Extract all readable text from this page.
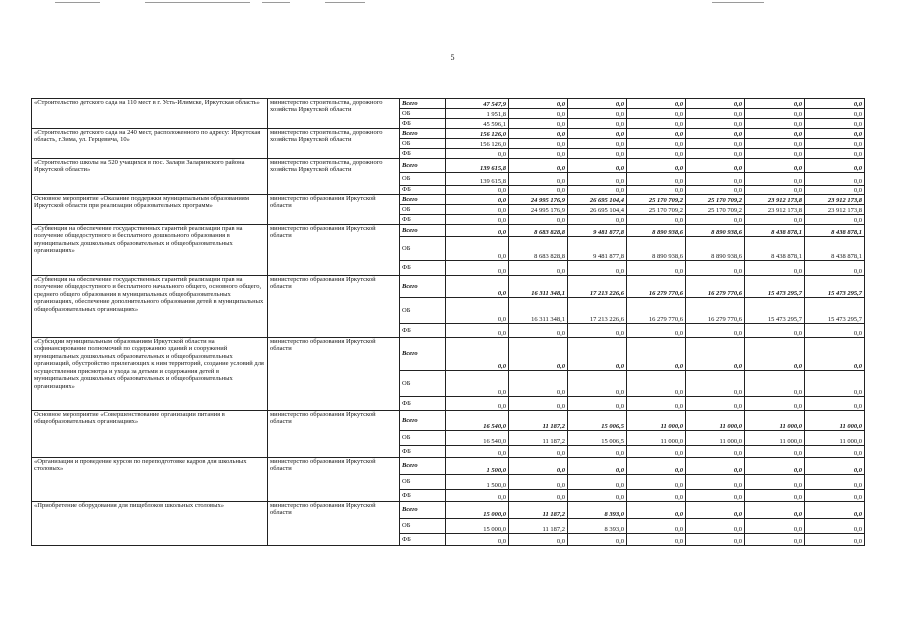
5
«Строительство детского сада на 110 мест в г. Усть-Илимске, Иркутская область»	министерство строительства, дорожного хозяйства Иркутской области	Всего	47 547,9	0,0	0,0	0,0	0,0	0,0	0,0
		ОБ	1 951,8	0,0	0,0	0,0	0,0	0,0	0,0
		ФБ	45 596,1	0,0	0,0	0,0	0,0	0,0	0,0
«Строительство детского сада на 240 мест, расположенного по адресу: Иркутская область, г.Зима, ул. Герцевича, 10»	министерство строительства, дорожного хозяйства Иркутской области	Всего	156 126,0	0,0	0,0	0,0	0,0	0,0	0,0
		ОБ	156 126,0	0,0	0,0	0,0	0,0	0,0	0,0
		ФБ	0,0	0,0	0,0	0,0	0,0	0,0	0,0
«Строительство школы на 520 учащихся в пос. Залари Заларинского района Иркутской области»	министерство строительства, дорожного хозяйства Иркутской области	Всего	139 615,8	0,0	0,0	0,0	0,0	0,0	0,0
		ОБ	139 615,8	0,0	0,0	0,0	0,0	0,0	0,0
		ФБ	0,0	0,0	0,0	0,0	0,0	0,0	0,0
Основное мероприятие «Оказание поддержки муниципальным образованиям Иркутской области при реализации образовательных программ»	министерство образования Иркутской области	Всего	0,0	24 995 176,9	26 695 104,4	25 170 709,2	25 170 709,2	23 912 173,8	23 912 173,8
		ОБ	0,0	24 995 176,9	26 695 104,4	25 170 709,2	25 170 709,2	23 912 173,8	23 912 173,8
		ФБ	0,0	0,0	0,0	0,0	0,0	0,0	0,0
«Субвенция на обеспечение государственных гарантий реализации прав на получение общедоступного и бесплатного дошкольного образования в муниципальных дошкольных образовательных и общеобразовательных организациях»	министерство образования Иркутской области	Всего	0,0	8 683 828,8	9 481 877,8	8 890 938,6	8 890 938,6	8 438 878,1	8 438 878,1
		ОБ	0,0	8 683 828,8	9 481 877,8	8 890 938,6	8 890 938,6	8 438 878,1	8 438 878,1
		ФБ	0,0	0,0	0,0	0,0	0,0	0,0	0,0
«Субвенция на обеспечение государственных гарантий реализации прав на получение общедоступного и бесплатного начального общего, основного общего, среднего общего образования в муниципальных общеобразовательных организациях, обеспечение дополнительного образования детей в муниципальных общеобразовательных организациях»	министерство образования Иркутской области	Всего	0,0	16 311 348,1	17 213 226,6	16 279 770,6	16 279 770,6	15 473 295,7	15 473 295,7
		ОБ	0,0	16 311 348,1	17 213 226,6	16 279 770,6	16 279 770,6	15 473 295,7	15 473 295,7
		ФБ	0,0	0,0	0,0	0,0	0,0	0,0	0,0
«Субсидии муниципальным образованиям Иркутской области на софинансирование полномочий по содержанию зданий и сооружений муниципальных дошкольных образовательных и общеобразовательных организаций, обустройство прилегающих к ним территорий, создание условий для осуществления присмотра и ухода за детьми и содержания детей в муниципальных дошкольных образовательных и общеобразовательных организациях»	министерство образования Иркутской области	Всего	0,0	0,0	0,0	0,0	0,0	0,0	0,0
		ОБ	0,0	0,0	0,0	0,0	0,0	0,0	0,0
		ФБ	0,0	0,0	0,0	0,0	0,0	0,0	0,0
Основное мероприятие «Совершенствование организации питания в общеобразовательных организациях»	министерство образования Иркутской области	Всего	16 540,0	11 187,2	15 006,5	11 000,0	11 000,0	11 000,0	11 000,0
		ОБ	16 540,0	11 187,2	15 006,5	11 000,0	11 000,0	11 000,0	11 000,0
		ФБ	0,0	0,0	0,0	0,0	0,0	0,0	0,0
«Организация и проведение курсов по переподготовке кадров для школьных столовых»	министерство образования Иркутской области	Всего	1 500,0	0,0	0,0	0,0	0,0	0,0	0,0
		ОБ	1 500,0	0,0	0,0	0,0	0,0	0,0	0,0
		ФБ	0,0	0,0	0,0	0,0	0,0	0,0	0,0
«Приобретение оборудования для пищеблоков школьных столовых»	министерство образования Иркутской области	Всего	15 000,0	11 187,2	8 393,0	0,0	0,0	0,0	0,0
		ОБ	15 000,0	11 187,2	8 393,0	0,0	0,0	0,0	0,0
		ФБ	0,0	0,0	0,0	0,0	0,0	0,0	0,0
